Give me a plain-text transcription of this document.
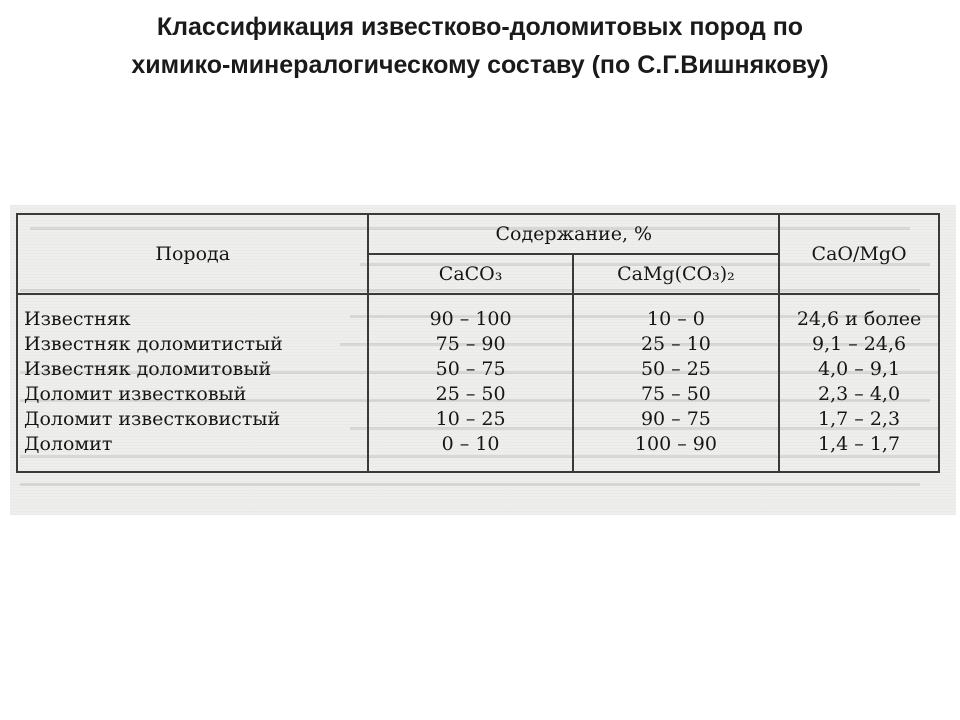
Классификация известково-доломитовых пород по
химико-минералогическому составу (по С.Г.Вишнякову)
Порода	Содержание, %		CaO/MgO
	CaCO₃	CaMg(CO₃)₂	
Известняк	90 – 100	10 – 0	24,6 и более
Известняк доломитистый	75 – 90	25 – 10	9,1 – 24,6
Известняк доломитовый	50 – 75	50 – 25	4,0 – 9,1
Доломит известковый	25 – 50	75 – 50	2,3 – 4,0
Доломит известковистый	10 – 25	90 – 75	1,7 – 2,3
Доломит	0 – 10	100 – 90	1,4 – 1,7
